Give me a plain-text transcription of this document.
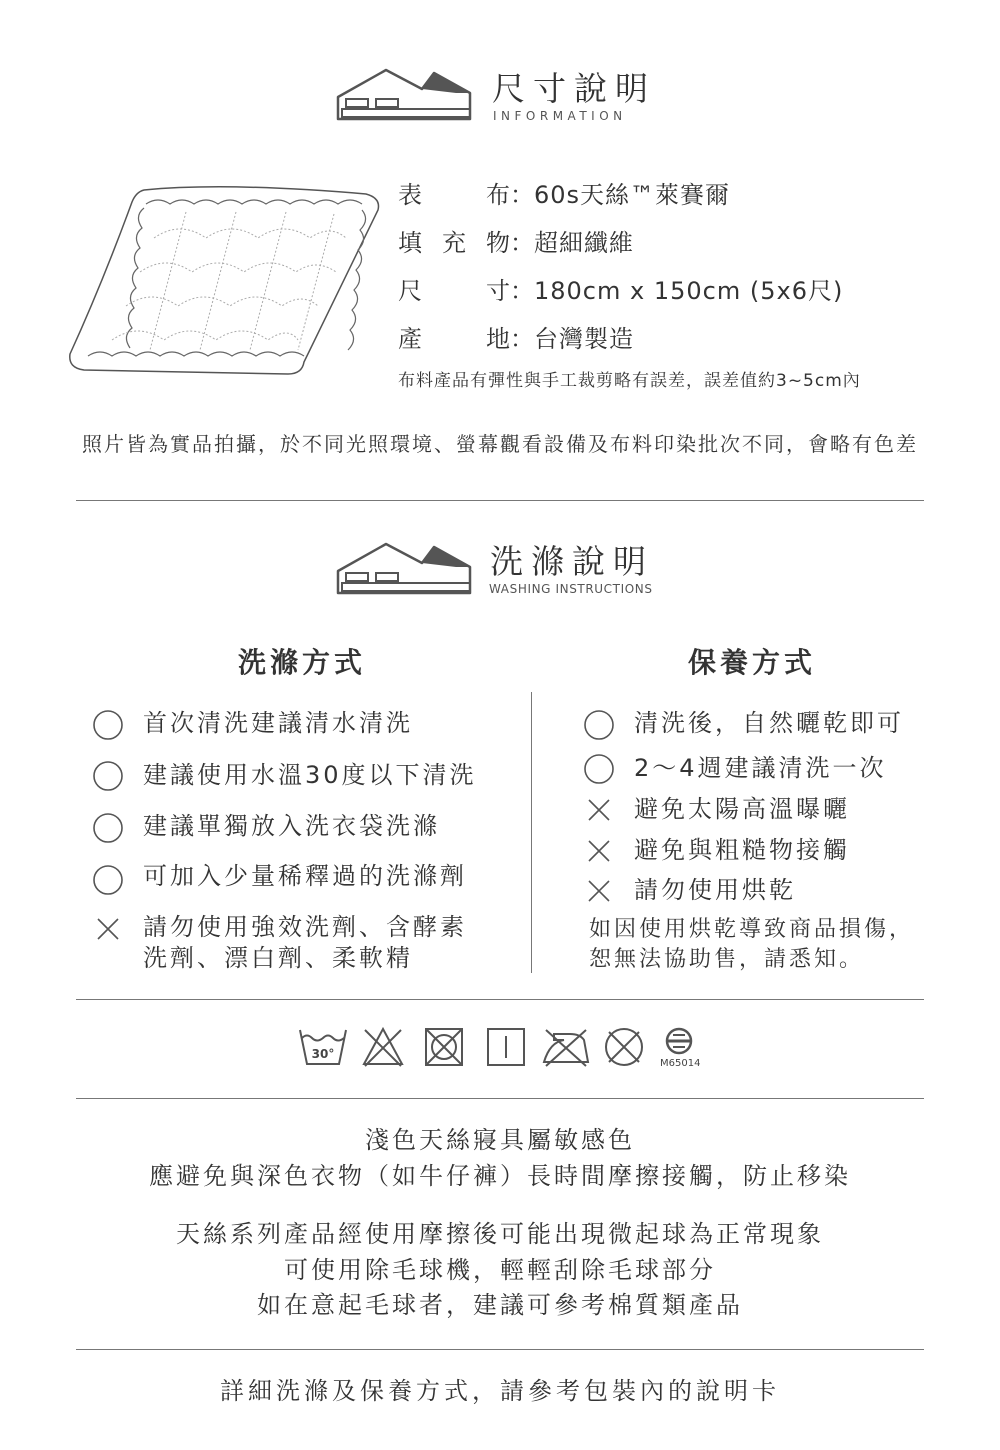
尺寸說明
INFORMATION
表布：60s天絲™萊賽爾
填充物：超細纖維
尺寸：180cm x 150cm (5x6尺)
產地：台灣製造
布料產品有彈性與手工裁剪略有誤差，誤差值約3~5cm內
照片皆為實品拍攝，於不同光照環境、螢幕觀看設備及布料印染批次不同，會略有色差
洗滌說明
WASHING INSTRUCTIONS
洗滌方式	保養方式
首次清洗建議清水清洗
建議使用水溫30度以下清洗
建議單獨放入洗衣袋洗滌
可加入少量稀釋過的洗滌劑
請勿使用強效洗劑、含酵素
洗劑、漂白劑、柔軟精
清洗後，自然曬乾即可
2～4週建議清洗一次
避免太陽高溫曝曬
避免與粗糙物接觸
請勿使用烘乾
如因使用烘乾導致商品損傷，
恕無法協助售，請悉知。
30°
M65014
淺色天絲寢具屬敏感色
應避免與深色衣物（如牛仔褲）長時間摩擦接觸，防止移染
天絲系列產品經使用摩擦後可能出現微起球為正常現象
可使用除毛球機，輕輕刮除毛球部分
如在意起毛球者，建議可參考棉質類產品
詳細洗滌及保養方式，請參考包裝內的說明卡
